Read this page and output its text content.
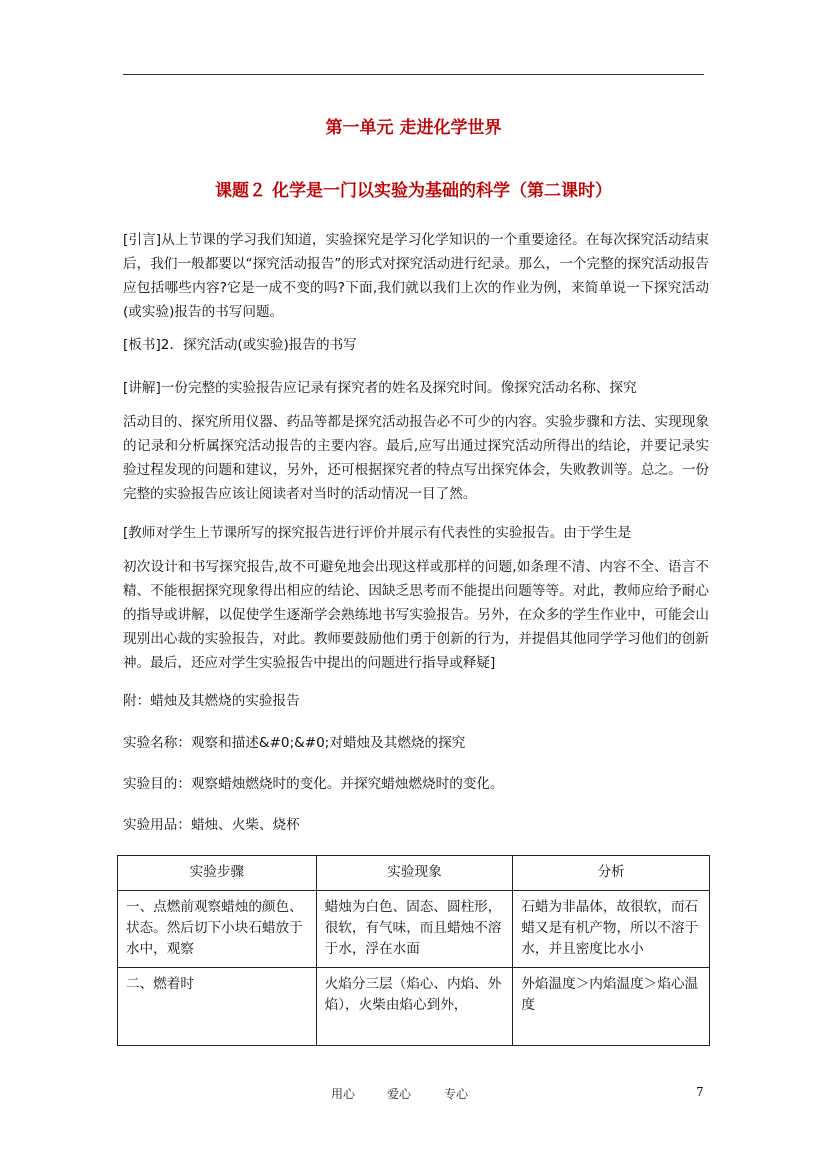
第一单元 走进化学世界
课题２ 化学是一门以实验为基础的科学（第二课时）

[引言]从上节课的学习我们知道，实验探究是学习化学知识的一个重要途径。在每次探究活动结束后，我们一般都要以“探究活动报告”的形式对探究活动进行纪录。那么，一个完整的探究活动报告应包括哪些内容?它是一成不变的吗?下面,我们就以我们上次的作业为例，来简单说一下探究活动(或实验)报告的书写问题。

[板书]2．探究活动(或实验)报告的书写

[讲解]一份完整的实验报告应记录有探究者的姓名及探究时间。像探究活动名称、探究

活动目的、探究所用仪器、药品等都是探究活动报告必不可少的内容。实验步骤和方法、实现现象的记录和分析属探究活动报告的主要内容。最后,应写出通过探究活动所得出的结论，并要记录实验过程发现的问题和建议，另外，还可根据探究者的特点写出探究体会，失败教训等。总之。一份完整的实验报告应该让阅读者对当时的活动情况一目了然。

[教师对学生上节课所写的探究报告进行评价并展示有代表性的实验报告。由于学生是

初次设计和书写探究报告,故不可避免地会出现这样或那样的问题,如条理不清、内容不全、语言不精、不能根据探究现象得出相应的结论、因缺乏思考而不能提出问题等等。对此，教师应给予耐心的指导或讲解，以促使学生逐渐学会熟练地书写实验报告。另外，在众多的学生作业中，可能会山现别出心裁的实验报告，对此。教师要鼓励他们勇于创新的行为，并提倡其他同学学习他们的创新神。最后，还应对学生实验报告中提出的问题进行指导或释疑]

附：蜡烛及其燃烧的实验报告

实验名称：观察和描述&#0;&#0;对蜡烛及其燃烧的探究

实验目的：观察蜡烛燃烧时的变化。并探究蜡烛燃烧时的变化。

实验用品：蜡烛、火柴、烧杯

实验步骤	实验现象	分析
一、点燃前观察蜡烛的颜色、状态。然后切下小块石蜡放于水中，观察	蜡烛为白色、固态、圆柱形，很软，有气味，而且蜡烛不溶于水，浮在水面	石蜡为非晶体，故很软，而石蜡又是有机产物，所以不溶于水，并且密度比水小
二、燃着时	火焰分三层（焰心、内焰、外焰），火柴由焰心到外，	外焰温度＞内焰温度＞焰心温度
用心	爱心	专心	7
